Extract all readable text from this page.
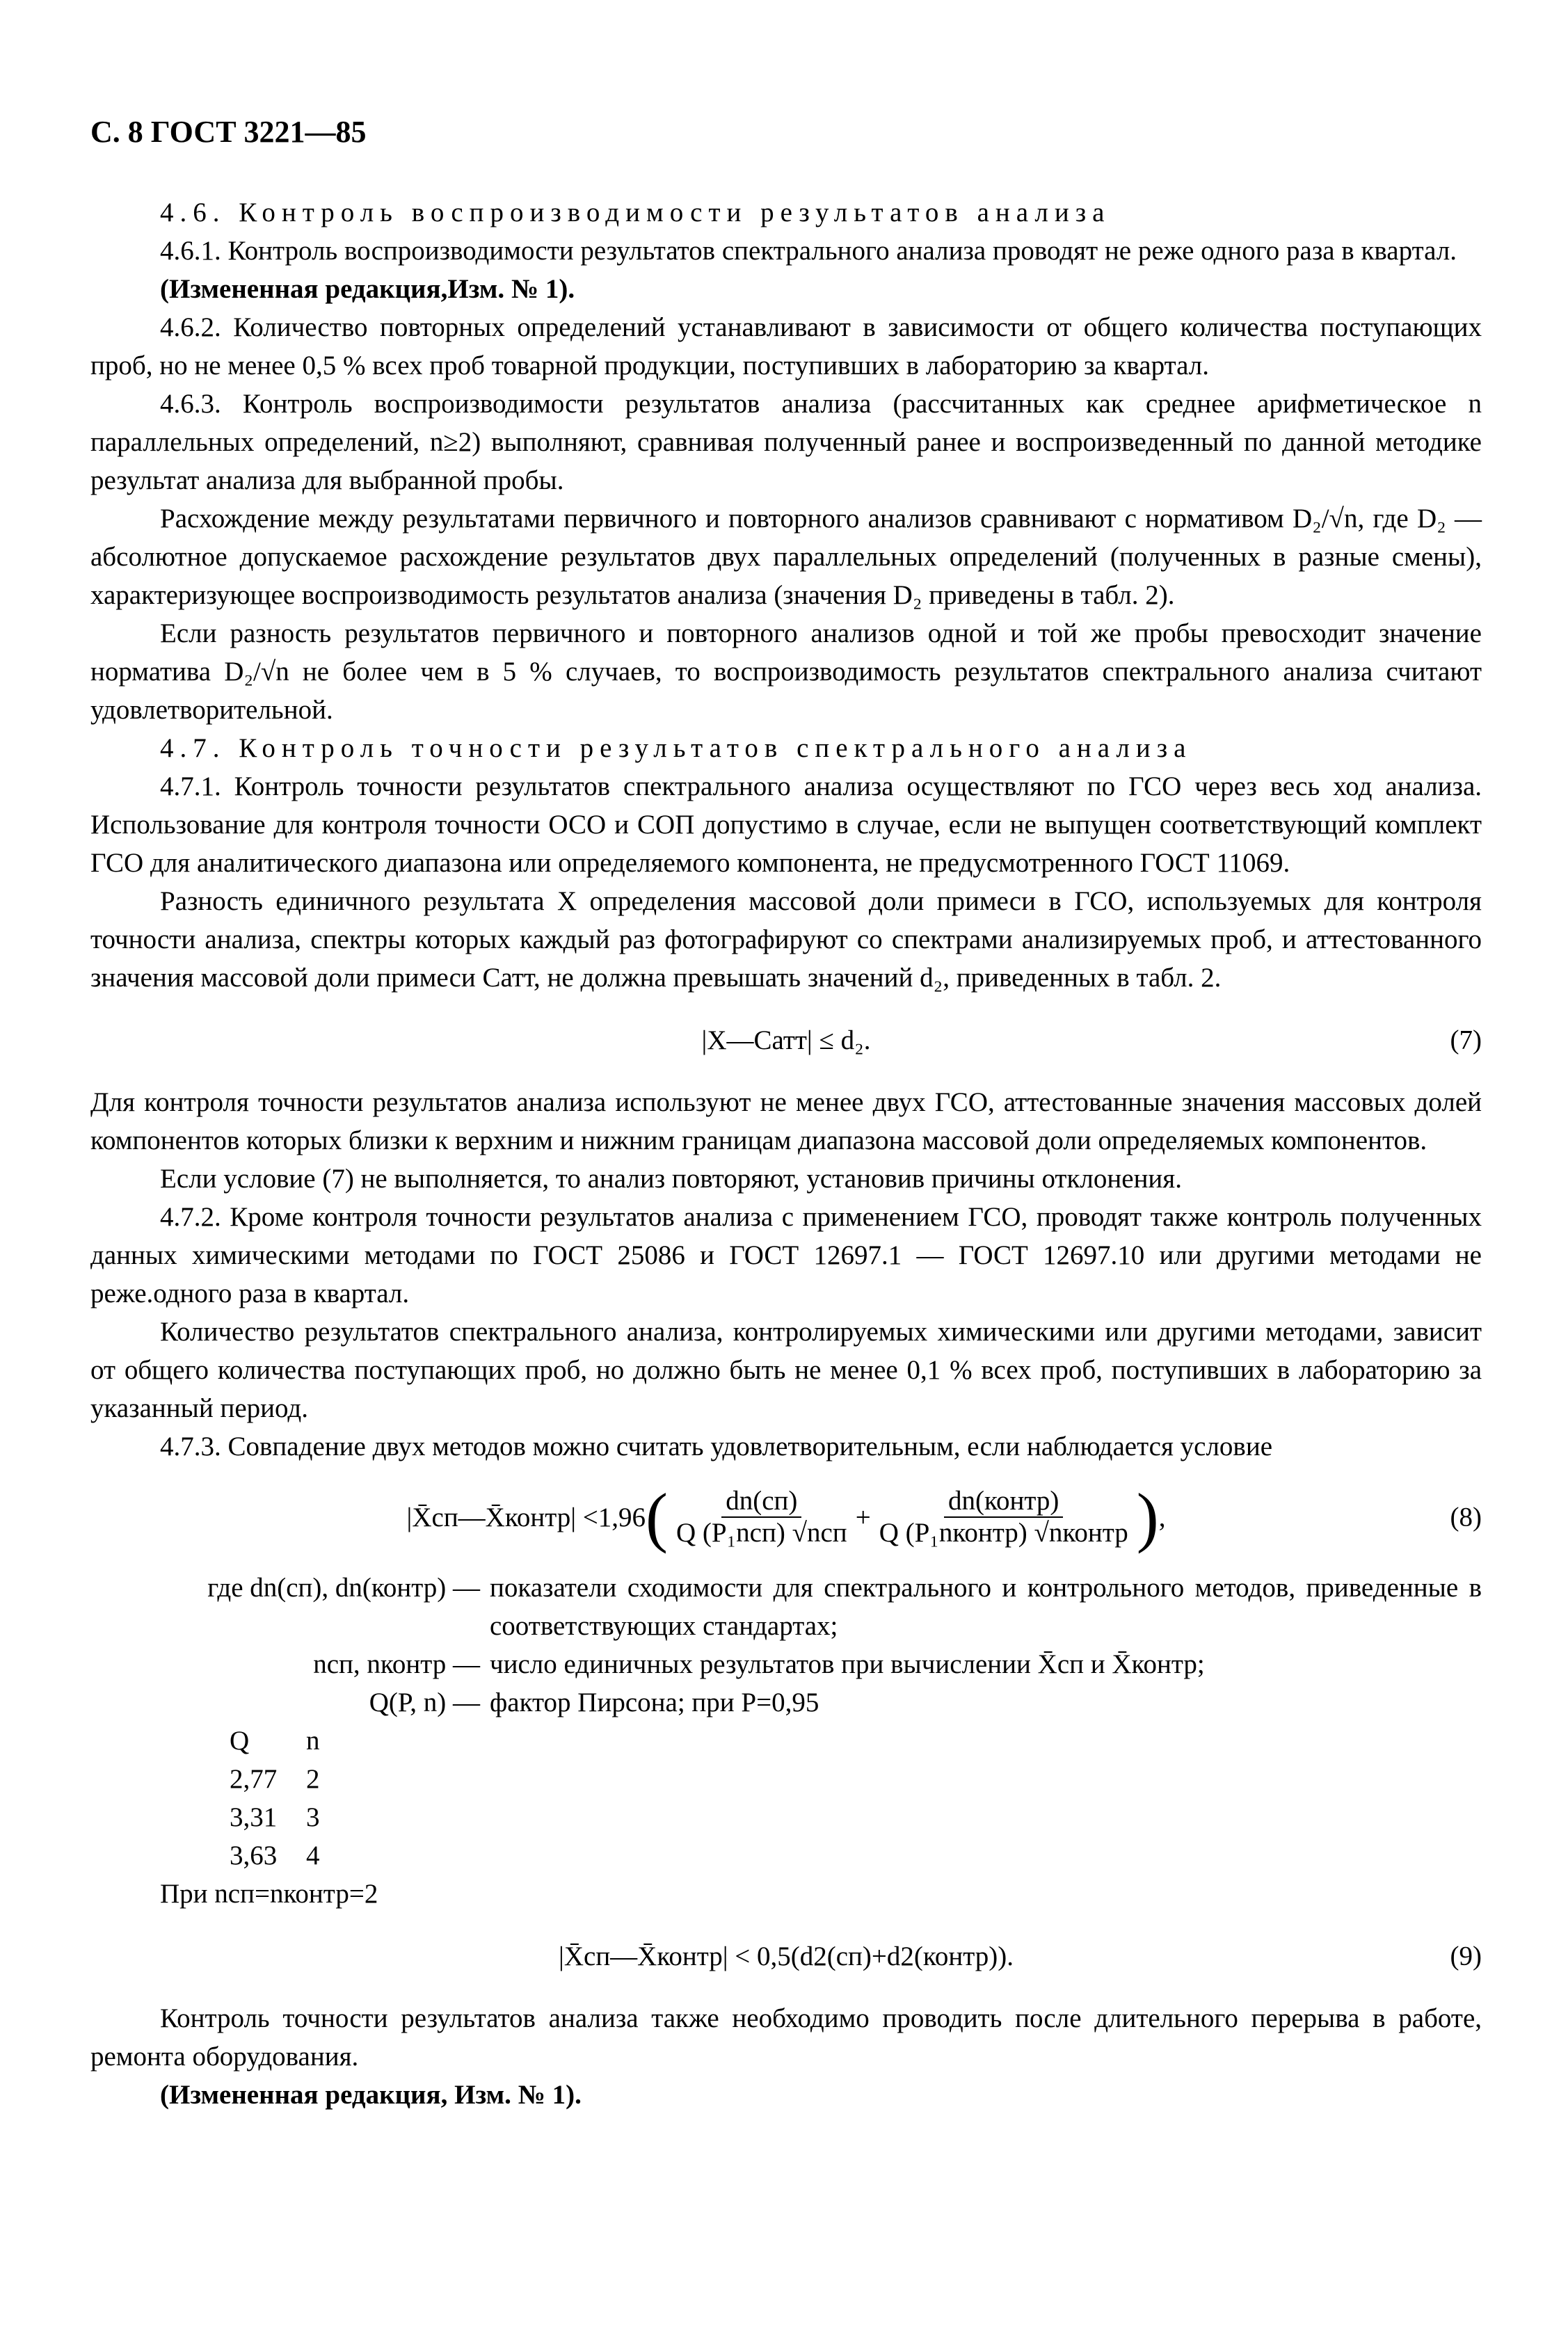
С. 8 ГОСТ 3221—85

4.6. Контроль воспроизводимости результатов анализа

4.6.1. Контроль воспроизводимости результатов спектрального анализа проводят не реже одного раза в квартал.

(Измененная редакция,Изм. № 1).

4.6.2. Количество повторных определений устанавливают в зависимости от общего количества поступающих проб, но не менее 0,5 % всех проб товарной продукции, поступивших в лабораторию за квартал.

4.6.3. Контроль воспроизводимости результатов анализа (рассчитанных как среднее арифметическое n параллельных определений, n≥2) выполняют, сравнивая полученный ранее и воспроизведенный по данной методике результат анализа для выбранной пробы.

Расхождение между результатами первичного и повторного анализов сравнивают с нормативом D₂/√n, где D₂ — абсолютное допускаемое расхождение результатов двух параллельных определений (полученных в разные смены), характеризующее воспроизводимость результатов анализа (значения D₂ приведены в табл. 2).

Если разность результатов первичного и повторного анализов одной и той же пробы превосходит значение норматива D₂/√n не более чем в 5 % случаев, то воспроизводимость результатов спектрального анализа считают удовлетворительной.

4.7. Контроль точности результатов спектрального анализа

4.7.1. Контроль точности результатов спектрального анализа осуществляют по ГСО через весь ход анализа. Использование для контроля точности ОСО и СОП допустимо в случае, если не выпущен соответствующий комплект ГСО для аналитического диапазона или определяемого компонента, не предусмотренного ГОСТ 11069.

Разность единичного результата X определения массовой доли примеси в ГСО, используемых для контроля точности анализа, спектры которых каждый раз фотографируют со спектрами анализируемых проб, и аттестованного значения массовой доли примеси Cатт, не должна превышать значений d₂, приведенных в табл. 2.

|X—Cатт| ≤ d₂.	(7)

Для контроля точности результатов анализа используют не менее двух ГСО, аттестованные значения массовых долей компонентов которых близки к верхним и нижним границам диапазона массовой доли определяемых компонентов.

Если условие (7) не выполняется, то анализ повторяют, установив причины отклонения.

4.7.2. Кроме контроля точности результатов анализа с применением ГСО, проводят также контроль полученных данных химическими методами по ГОСТ 25086 и ГОСТ 12697.1 — ГОСТ 12697.10 или другими методами не реже.одного раза в квартал.

Количество результатов спектрального анализа, контролируемых химическими или другими методами, зависит от общего количества поступающих проб, но должно быть не менее 0,1 % всех проб, поступивших в лабораторию за указанный период.

4.7.3. Совпадение двух методов можно считать удовлетворительным, если наблюдается условие

|X̄сп—X̄контр| <1,96 ( $\frac{dn(сп)}{\text{Q (P₁nсп) √nсп}} + \frac{\text{dn(контр)}}{\text{Q (P₁nконтр) √nконтр}}$ ) ,	(8)
где dn(сп), dn(контр) — показатели сходимости для спектрального и контрольного методов, приведенные в соответствующих стандартах;
nсп, nконтр — число единичных результатов при вычислении X̄сп и X̄контр;
Q(P, n) — фактор Пирсона; при P=0,95
Q	n
2,77	2
3,31	3
3,63	4

При nсп=nконтр=2

|X̄сп—X̄контр| < 0,5(d2(сп)+d2(контр)).	(9)

Контроль точности результатов анализа также необходимо проводить после длительного перерыва в работе, ремонта оборудования.

(Измененная редакция, Изм. № 1).
